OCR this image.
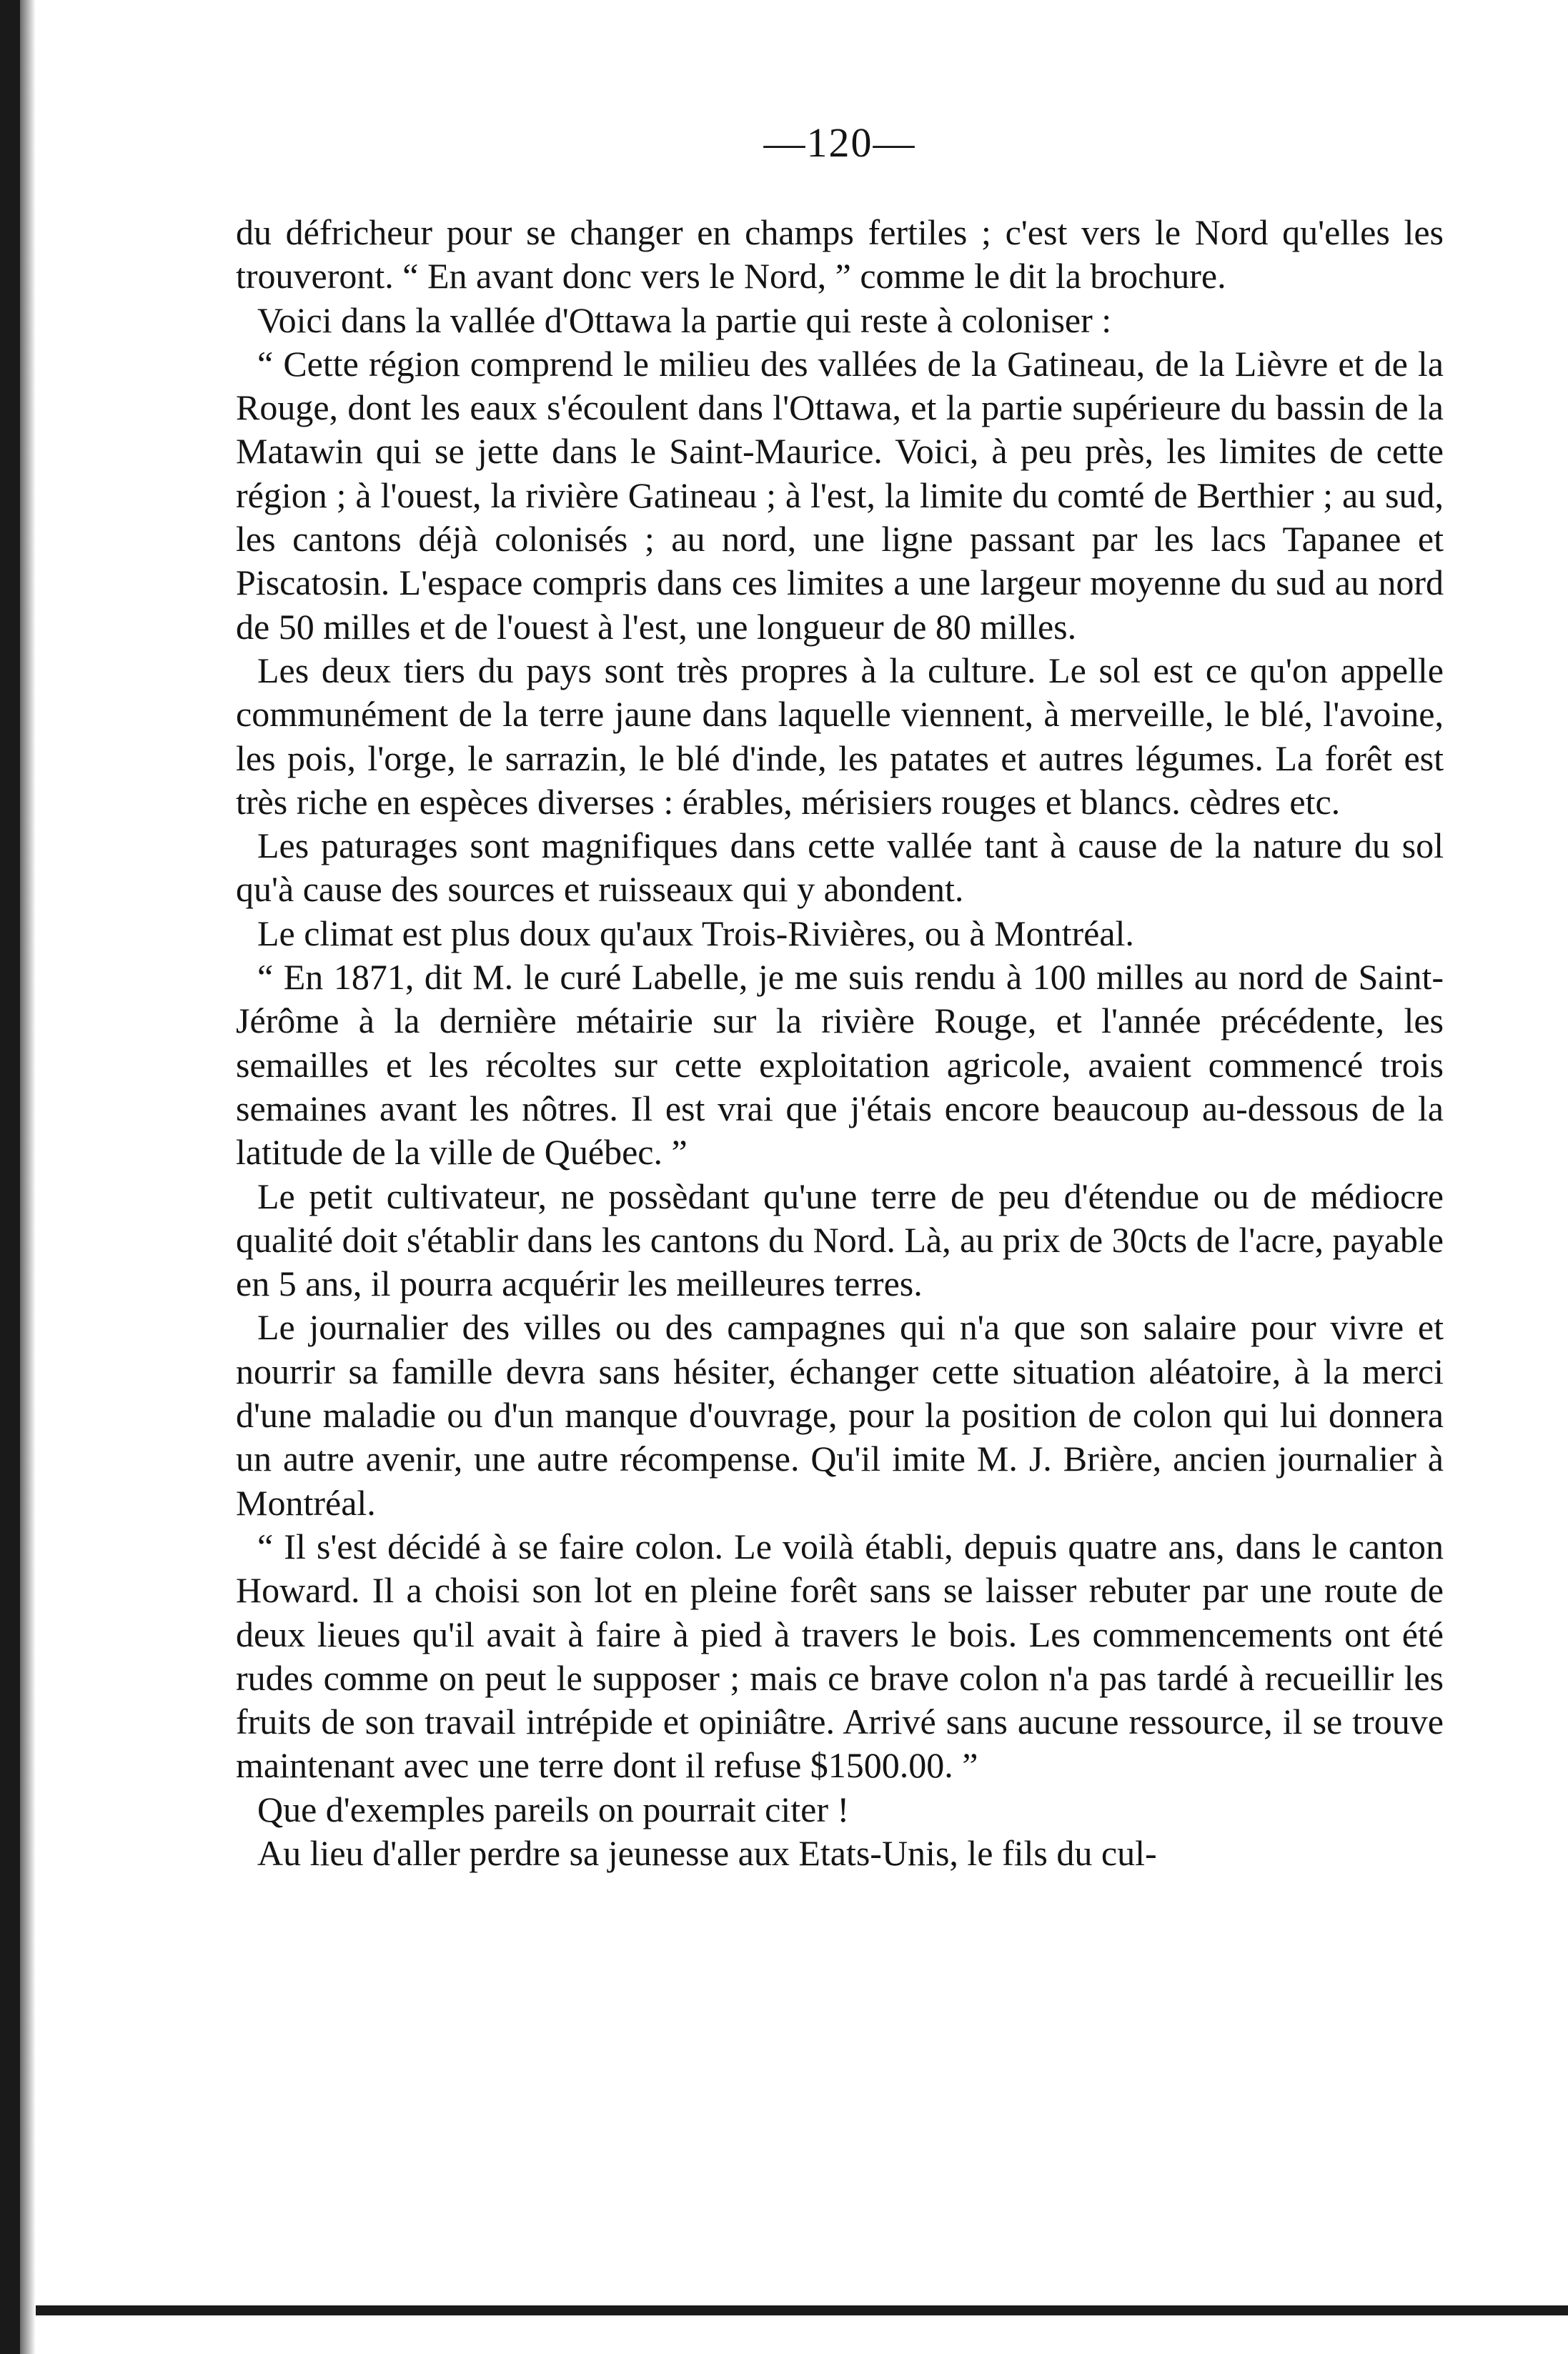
—120—

du défricheur pour se changer en champs fertiles ; c'est vers le Nord qu'elles les trouveront. “ En avant donc vers le Nord, ” comme le dit la brochure.

Voici dans la vallée d'Ottawa la partie qui reste à coloniser :

“ Cette région comprend le milieu des vallées de la Gatineau, de la Lièvre et de la Rouge, dont les eaux s'écoulent dans l'Ottawa, et la partie supérieure du bassin de la Matawin qui se jette dans le Saint-Maurice. Voici, à peu près, les limites de cette région ; à l'ouest, la rivière Gatineau ; à l'est, la limite du comté de Berthier ; au sud, les cantons déjà colonisés ; au nord, une ligne passant par les lacs Tapanee et Piscatosin. L'espace compris dans ces limites a une largeur moyenne du sud au nord de 50 milles et de l'ouest à l'est, une longueur de 80 milles.

Les deux tiers du pays sont très propres à la culture. Le sol est ce qu'on appelle communément de la terre jaune dans laquelle viennent, à merveille, le blé, l'avoine, les pois, l'orge, le sarrazin, le blé d'inde, les patates et autres légumes. La forêt est très riche en espèces diverses : érables, mérisiers rouges et blancs. cèdres etc.

Les paturages sont magnifiques dans cette vallée tant à cause de la nature du sol qu'à cause des sources et ruisseaux qui y abondent.

Le climat est plus doux qu'aux Trois-Rivières, ou à Montréal.

“ En 1871, dit M. le curé Labelle, je me suis rendu à 100 milles au nord de Saint-Jérôme à la dernière métairie sur la rivière Rouge, et l'année précédente, les semailles et les récoltes sur cette exploitation agricole, avaient commencé trois semaines avant les nôtres. Il est vrai que j'étais encore beaucoup au-dessous de la latitude de la ville de Québec. ”

Le petit cultivateur, ne possèdant qu'une terre de peu d'étendue ou de médiocre qualité doit s'établir dans les cantons du Nord. Là, au prix de 30cts de l'acre, payable en 5 ans, il pourra acquérir les meilleures terres.

Le journalier des villes ou des campagnes qui n'a que son salaire pour vivre et nourrir sa famille devra sans hésiter, échanger cette situation aléatoire, à la merci d'une maladie ou d'un manque d'ouvrage, pour la position de colon qui lui donnera un autre avenir, une autre récompense. Qu'il imite M. J. Brière, ancien journalier à Montréal.

“ Il s'est décidé à se faire colon. Le voilà établi, depuis quatre ans, dans le canton Howard. Il a choisi son lot en pleine forêt sans se laisser rebuter par une route de deux lieues qu'il avait à faire à pied à travers le bois. Les commencements ont été rudes comme on peut le supposer ; mais ce brave colon n'a pas tardé à recueillir les fruits de son travail intrépide et opiniâtre. Arrivé sans aucune ressource, il se trouve maintenant avec une terre dont il refuse $1500.00. ”

Que d'exemples pareils on pourrait citer !

Au lieu d'aller perdre sa jeunesse aux Etats-Unis, le fils du cul-
